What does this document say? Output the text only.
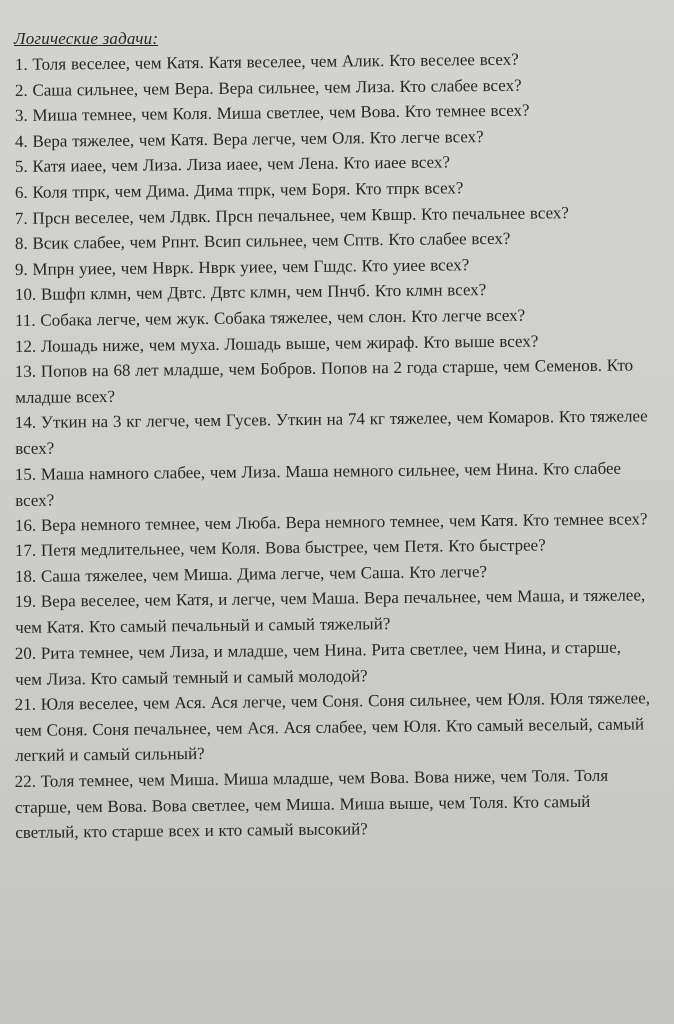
Логические задачи:
1. Толя веселее, чем Катя. Катя веселее, чем Алик. Кто веселее всех?
2. Саша сильнее, чем Вера. Вера сильнее, чем Лиза. Кто слабее всех?
3. Миша темнее, чем Коля. Миша светлее, чем Вова. Кто темнее всех?
4. Вера тяжелее, чем Катя. Вера легче, чем Оля. Кто легче всех?
5. Катя иаее, чем Лиза. Лиза иаее, чем Лена. Кто иаее всех?
6. Коля тпрк, чем Дима. Дима тпрк, чем Боря. Кто тпрк всех?
7. Прсн веселее, чем Лдвк. Прсн печальнее, чем Квшр. Кто печальнее всех?
8. Всик слабее, чем Рпнт. Всип сильнее, чем Сптв. Кто слабее всех?
9. Мпрн уиее, чем Нврк. Нврк уиее, чем Гшдс. Кто уиее всех?
10. Вшфп клмн, чем Двтс. Двтс клмн, чем Пнчб. Кто клмн всех?
11. Собака легче, чем жук. Собака тяжелее, чем слон. Кто легче всех?
12. Лошадь ниже, чем муха. Лошадь выше, чем жираф. Кто выше всех?
13. Попов на 68 лет младше, чем Бобров. Попов на 2 года старше, чем Семенов. Кто младше всех?
14. Уткин на 3 кг легче, чем Гусев. Уткин на 74 кг тяжелее, чем Комаров. Кто тяжелее всех?
15. Маша намного слабее, чем Лиза. Маша немного сильнее, чем Нина. Кто слабее всех?
16. Вера немного темнее, чем Люба. Вера немного темнее, чем Катя. Кто темнее всех?
17. Петя медлительнее, чем Коля. Вова быстрее, чем Петя. Кто быстрее?
18. Саша тяжелее, чем Миша. Дима легче, чем Саша. Кто легче?
19. Вера веселее, чем Катя, и легче, чем Маша. Вера печальнее, чем Маша, и тяжелее, чем Катя. Кто самый печальный и самый тяжелый?
20. Рита темнее, чем Лиза, и младше, чем Нина. Рита светлее, чем Нина, и старше, чем Лиза. Кто самый темный и самый молодой?
21. Юля веселее, чем Ася. Ася легче, чем Соня. Соня сильнее, чем Юля. Юля тяжелее, чем Соня. Соня печальнее, чем Ася. Ася слабее, чем Юля. Кто самый веселый, самый легкий и самый сильный?
22. Толя темнее, чем Миша. Миша младше, чем Вова. Вова ниже, чем Толя. Толя старше, чем Вова. Вова светлее, чем Миша. Миша выше, чем Толя. Кто самый светлый, кто старше всех и кто самый высокий?
